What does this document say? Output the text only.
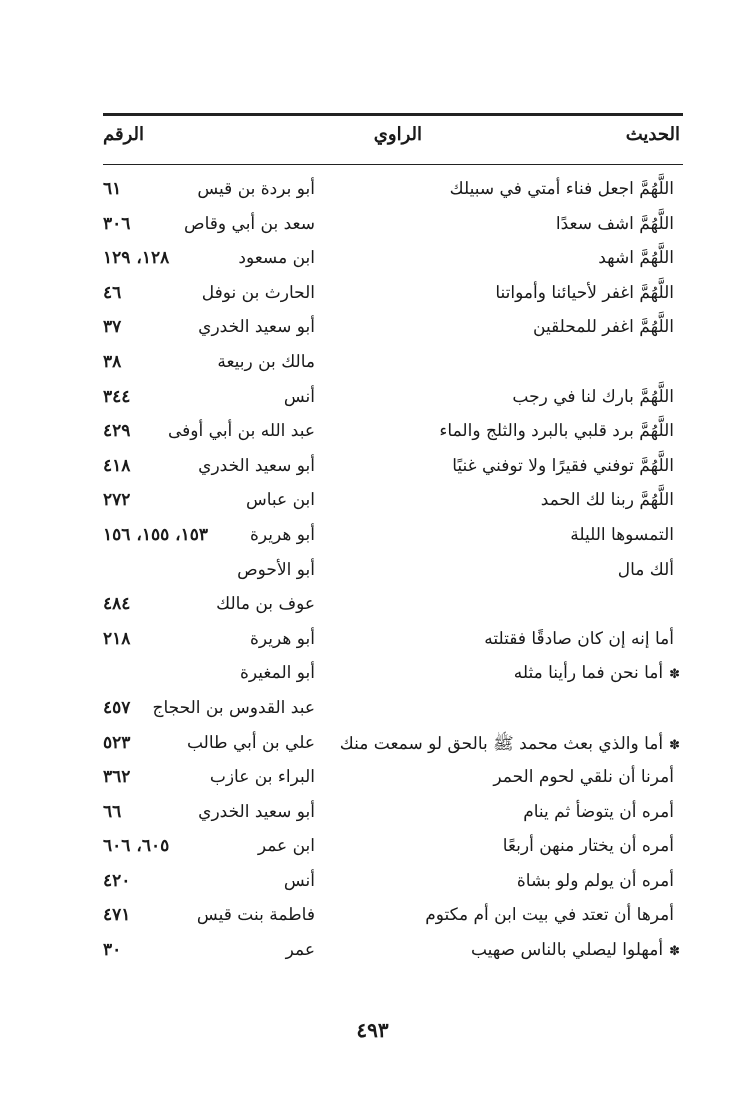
الحديث
الراوي
الرقم
اللَّهُمَّ اجعل فناء أمتي في سبيلك
أبو بردة بن قيس
٦١
اللَّهُمَّ اشف سعدًا
سعد بن أبي وقاص
٣٠٦
اللَّهُمَّ اشهد
ابن مسعود
١٢٨، ١٢٩
اللَّهُمَّ اغفر لأحيائنا وأمواتنا
الحارث بن نوفل
٤٦
اللَّهُمَّ اغفر للمحلقين
أبو سعيد الخدري
٣٧
مالك بن ربيعة
٣٨
اللَّهُمَّ بارك لنا في رجب
أنس
٣٤٤
اللَّهُمَّ برد قلبي بالبرد والثلج والماء
عبد الله بن أبي أوفى
٤٢٩
اللَّهُمَّ توفني فقيرًا ولا توفني غنيًا
أبو سعيد الخدري
٤١٨
اللَّهُمَّ ربنا لك الحمد
ابن عباس
٢٧٢
التمسوها الليلة
أبو هريرة
١٥٣، ١٥٥، ١٥٦
ألك مال
أبو الأحوص
عوف بن مالك
٤٨٤
أما إنه إن كان صادقًا فقتلته
أبو هريرة
٢١٨
✽أما نحن فما رأينا مثله
أبو المغيرة
عبد القدوس بن الحجاج
٤٥٧
✽أما والذي بعث محمد ﷺ بالحق لو سمعت منك
علي بن أبي طالب
٥٢٣
أمرنا أن نلقي لحوم الحمر
البراء بن عازب
٣٦٢
أمره أن يتوضأ ثم ينام
أبو سعيد الخدري
٦٦
أمره أن يختار منهن أربعًا
ابن عمر
٦٠٥، ٦٠٦
أمره أن يولم ولو بشاة
أنس
٤٢٠
أمرها أن تعتد في بيت ابن أم مكتوم
فاطمة بنت قيس
٤٧١
✽أمهلوا ليصلي بالناس صهيب
عمر
٣٠
٤٩٣
